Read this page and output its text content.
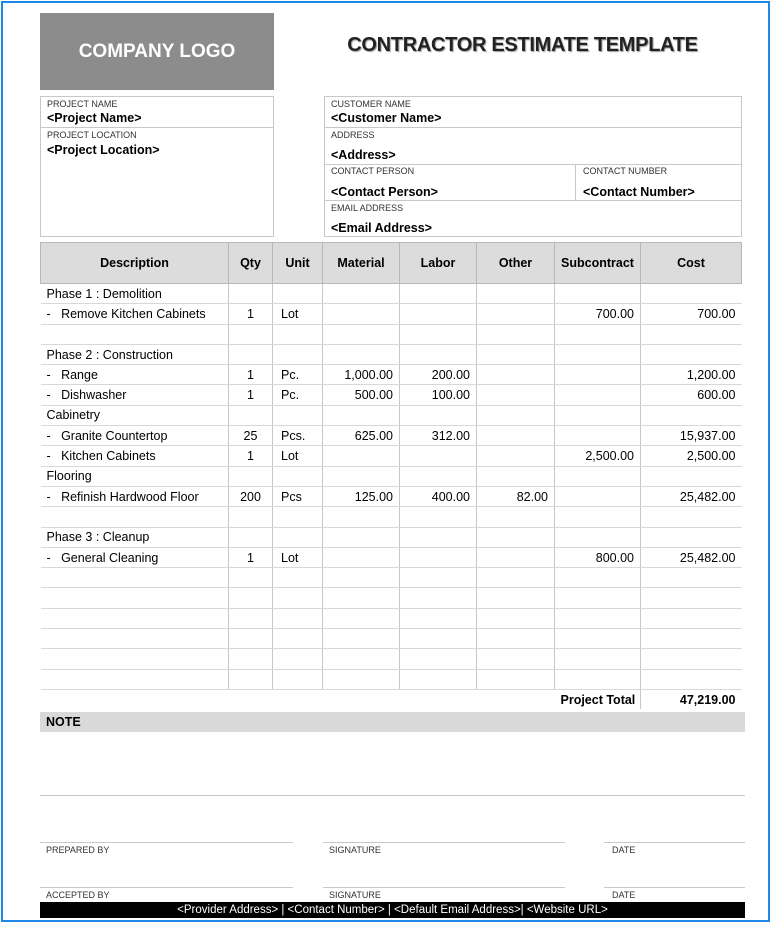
COMPANY LOGO	CONTRACTOR ESTIMATE TEMPLATE
PROJECT NAME
<Project Name>
PROJECT LOCATION
<Project Location>
CUSTOMER NAME
<Customer Name>
ADDRESS
<Address>
CONTACT PERSON
<Contact Person>
CONTACT NUMBER
<Contact Number>
EMAIL ADDRESS
<Email Address>
Description	Qty	Unit	Material	Labor	Other	Subcontract	Cost
Phase 1 : Demolition							
-   Remove Kitchen Cabinets	1	Lot				700.00	700.00

Phase 2 : Construction							
-   Range	1	Pc.	1,000.00	200.00			1,200.00
-   Dishwasher	1	Pc.	500.00	100.00			600.00
Cabinetry							
-   Granite Countertop	25	Pcs.	625.00	312.00			15,937.00
-   Kitchen Cabinets	1	Lot				2,500.00	2,500.00
Flooring							
-   Refinish Hardwood Floor	200	Pcs	125.00	400.00	82.00		25,482.00

Phase 3 : Cleanup							
-   General Cleaning	1	Lot				800.00	25,482.00

						Project Total	47,219.00
NOTE
PREPARED BY	SIGNATURE	DATE
ACCEPTED BY	SIGNATURE	DATE
<Provider Address> | <Contact Number> | <Default Email Address>| <Website URL>
